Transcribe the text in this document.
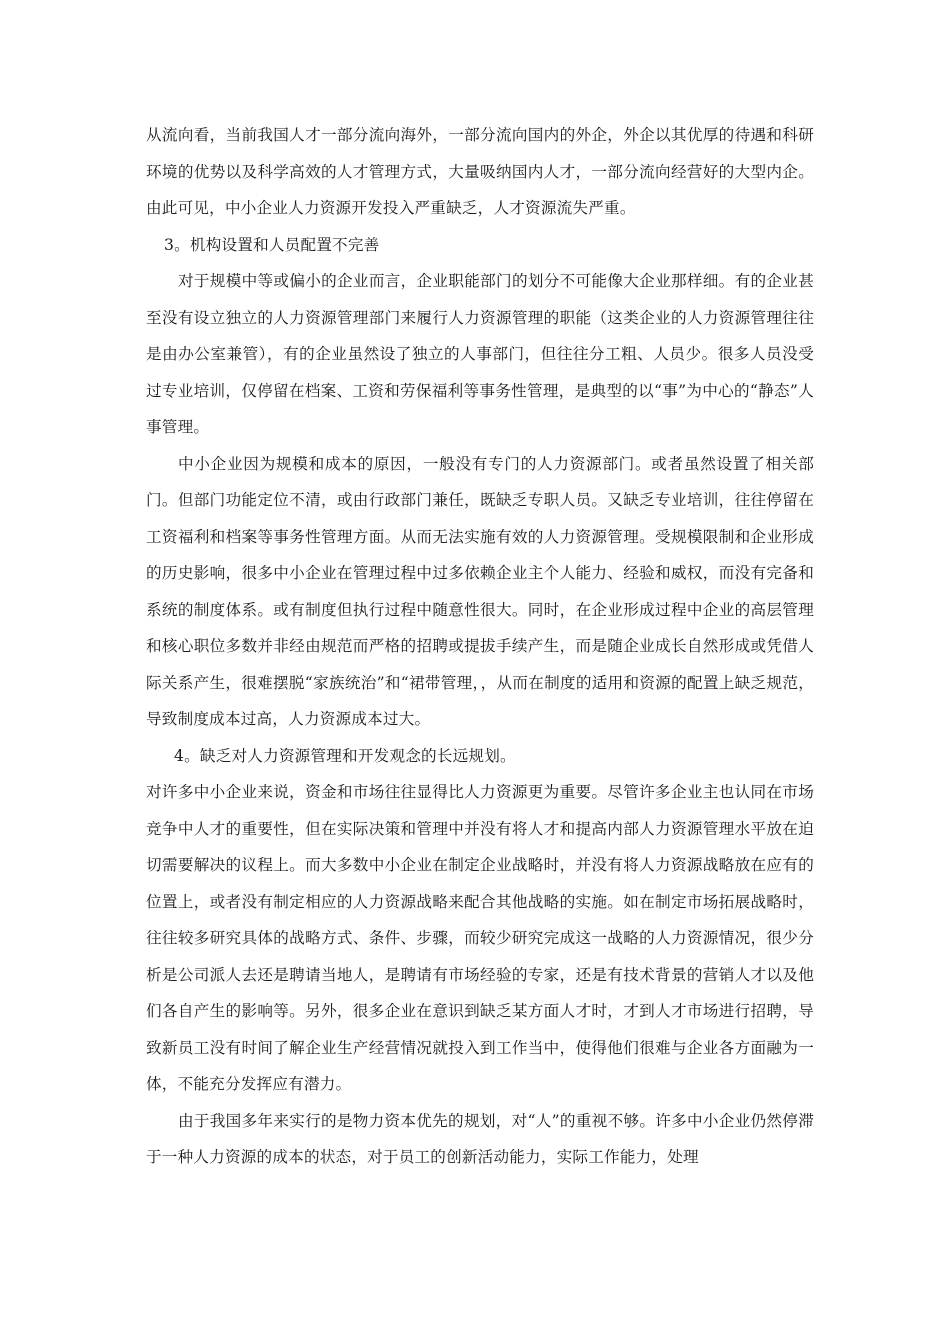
从流向看，当前我国人才一部分流向海外，一部分流向国内的外企，外企以其优厚的待遇和科研环境的优势以及科学高效的人才管理方式，大量吸纳国内人才，一部分流向经营好的大型内企。由此可见，中小企业人力资源开发投入严重缺乏，人才资源流失严重。

3。机构设置和人员配置不完善

对于规模中等或偏小的企业而言，企业职能部门的划分不可能像大企业那样细。有的企业甚至没有设立独立的人力资源管理部门来履行人力资源管理的职能（这类企业的人力资源管理往往是由办公室兼管），有的企业虽然设了独立的人事部门，但往往分工粗、人员少。很多人员没受过专业培训，仅停留在档案、工资和劳保福利等事务性管理，是典型的以“事”为中心的“静态”人事管理。

中小企业因为规模和成本的原因，一般没有专门的人力资源部门。或者虽然设置了相关部门。但部门功能定位不清，或由行政部门兼任，既缺乏专职人员。又缺乏专业培训，往往停留在工资福利和档案等事务性管理方面。从而无法实施有效的人力资源管理。受规模限制和企业形成的历史影响，很多中小企业在管理过程中过多依赖企业主个人能力、经验和威权，而没有完备和系统的制度体系。或有制度但执行过程中随意性很大。同时，在企业形成过程中企业的高层管理和核心职位多数并非经由规范而严格的招聘或提拔手续产生，而是随企业成长自然形成或凭借人际关系产生，很难摆脱“家族统治”和“裙带管理，，从而在制度的适用和资源的配置上缺乏规范，导致制度成本过高，人力资源成本过大。

4。缺乏对人力资源管理和开发观念的长远规划。

对许多中小企业来说，资金和市场往往显得比人力资源更为重要。尽管许多企业主也认同在市场竞争中人才的重要性，但在实际决策和管理中并没有将人才和提高内部人力资源管理水平放在迫切需要解决的议程上。而大多数中小企业在制定企业战略时，并没有将人力资源战略放在应有的位置上，或者没有制定相应的人力资源战略来配合其他战略的实施。如在制定市场拓展战略时，往往较多研究具体的战略方式、条件、步骤，而较少研究完成这一战略的人力资源情况，很少分析是公司派人去还是聘请当地人，是聘请有市场经验的专家，还是有技术背景的营销人才以及他们各自产生的影响等。另外，很多企业在意识到缺乏某方面人才时，才到人才市场进行招聘，导致新员工没有时间了解企业生产经营情况就投入到工作当中，使得他们很难与企业各方面融为一体，不能充分发挥应有潜力。

由于我国多年来实行的是物力资本优先的规划，对“人”的重视不够。许多中小企业仍然停滞于一种人力资源的成本的状态，对于员工的创新活动能力，实际工作能力，处理
